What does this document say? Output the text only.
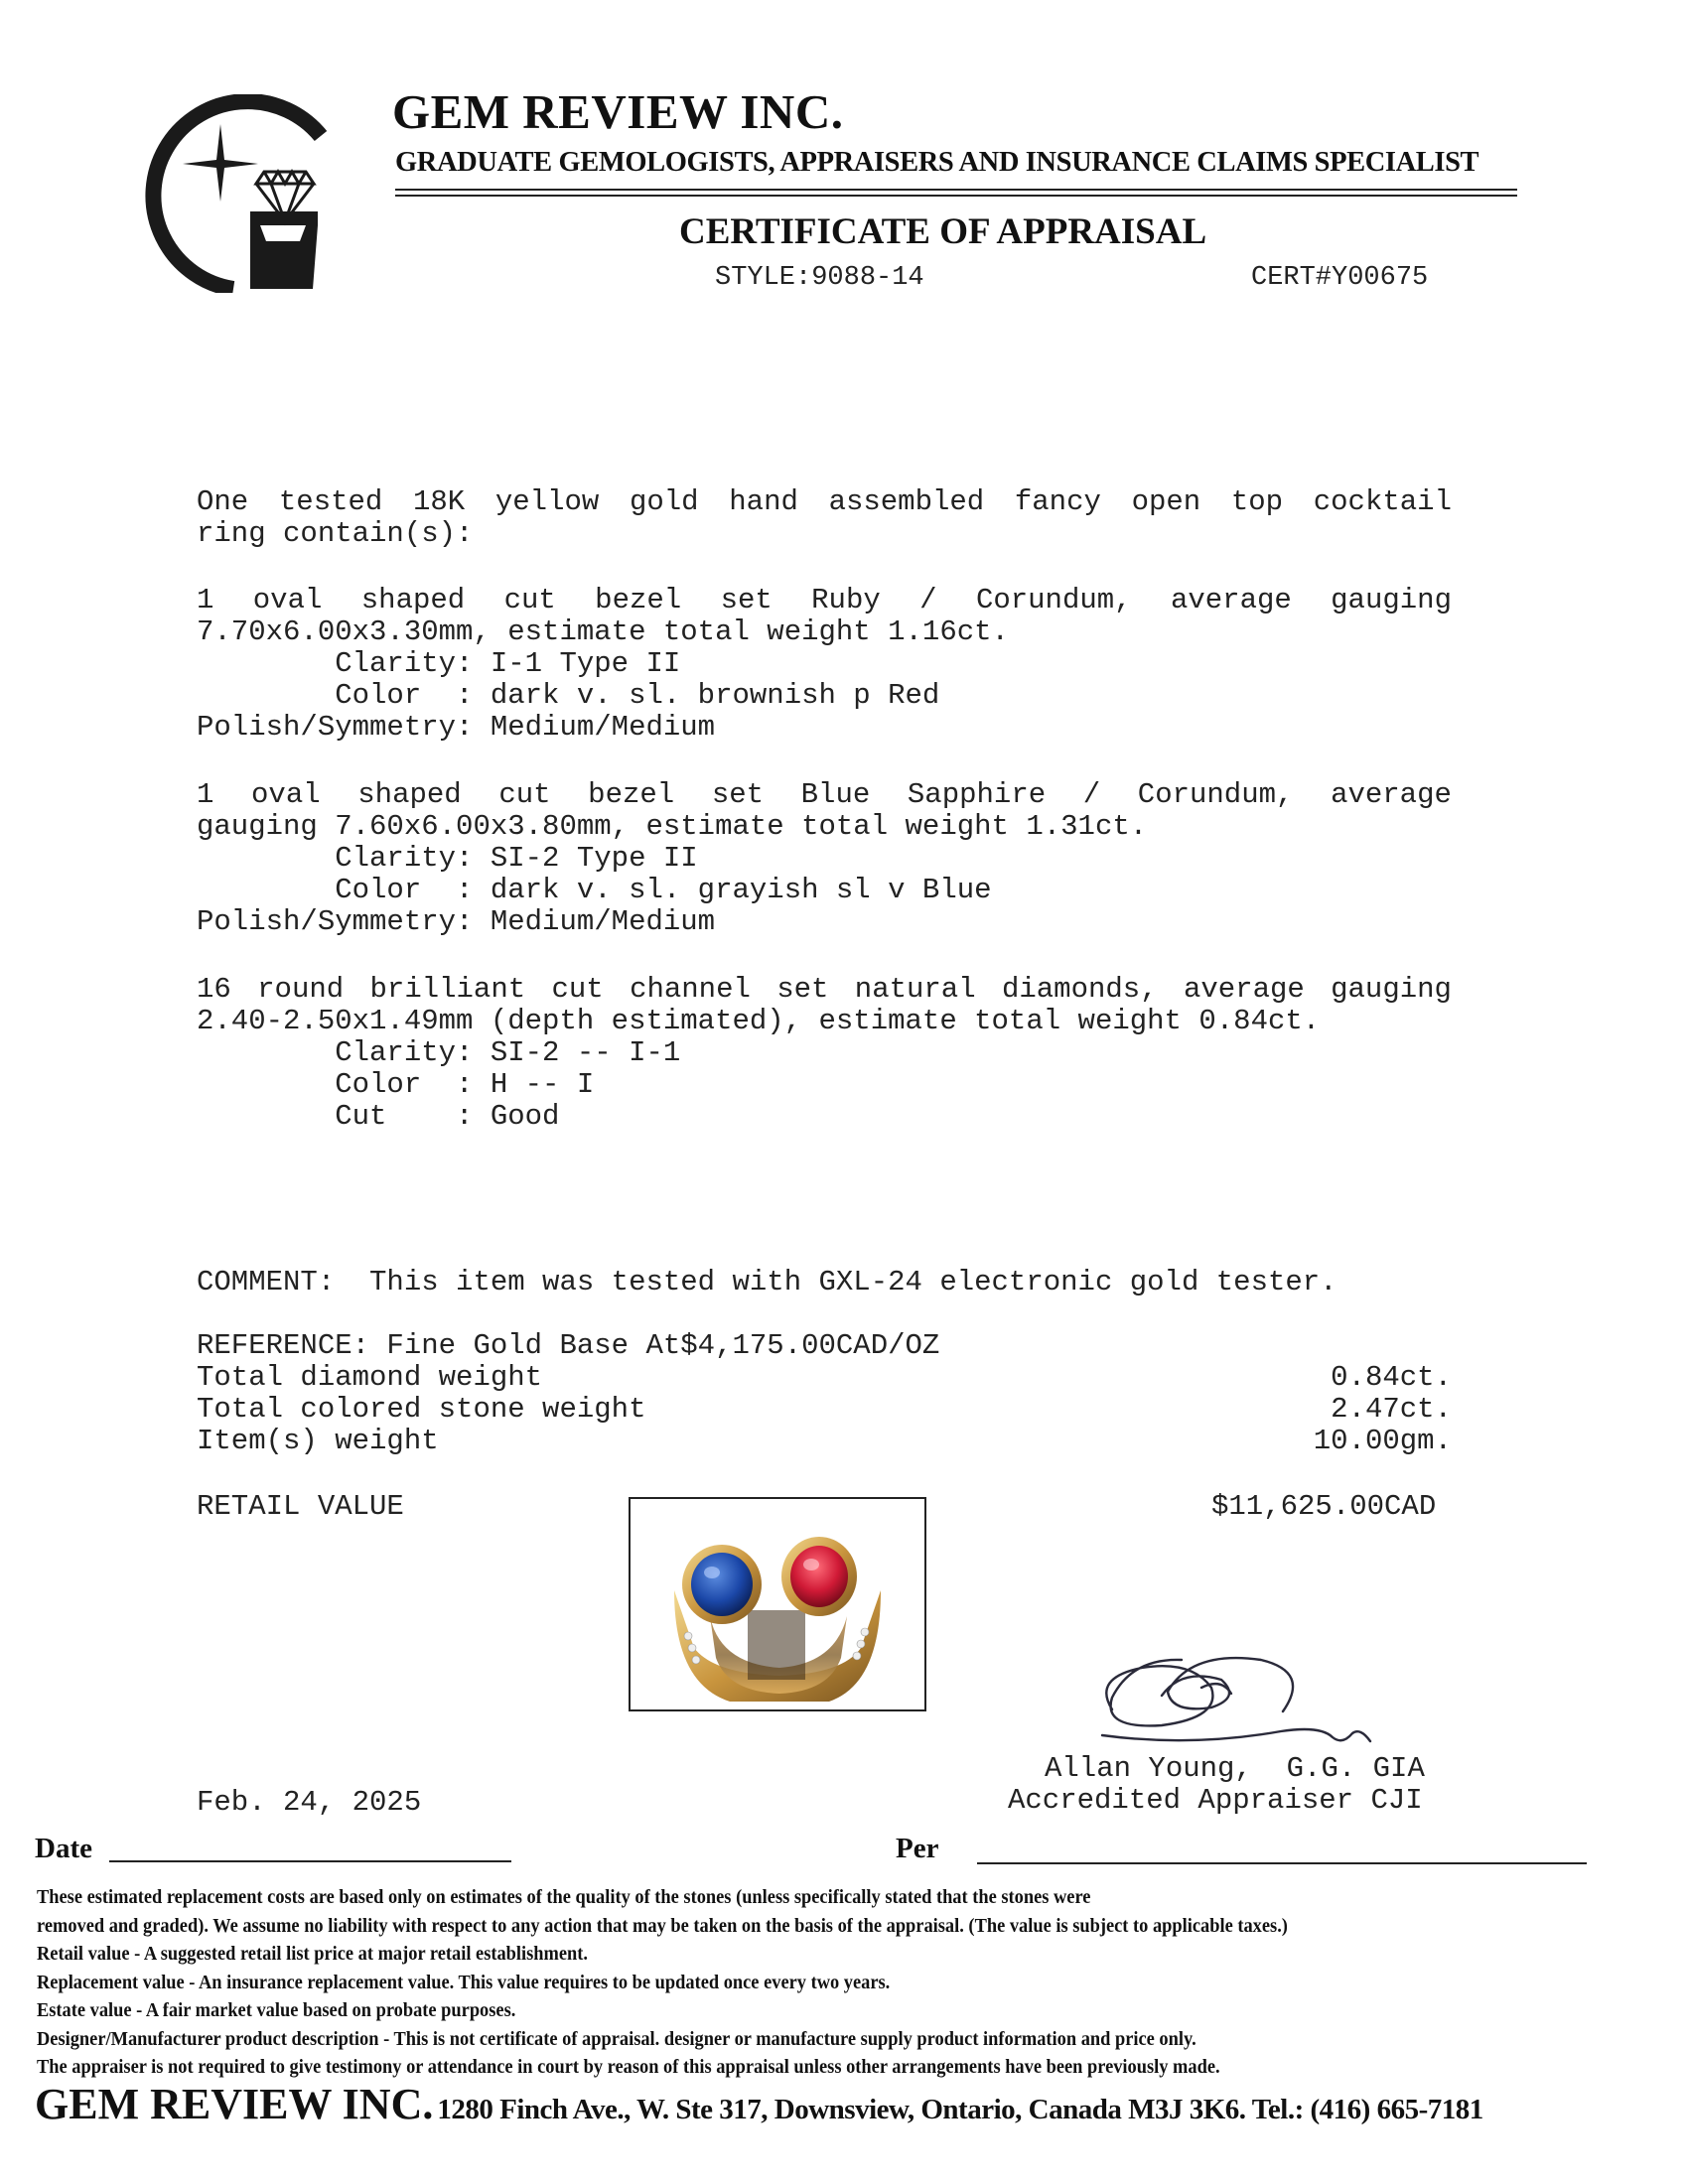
GEM REVIEW INC.
GRADUATE GEMOLOGISTS, APPRAISERS AND INSURANCE CLAIMS SPECIALIST
CERTIFICATE OF APPRAISAL
STYLE:9088-14	CERT#Y00675
One tested 18K yellow gold hand assembled fancy open top cocktail
ring contain(s):
1 oval shaped cut bezel set Ruby / Corundum, average gauging
7.70x6.00x3.30mm, estimate total weight 1.16ct.
Clarity: I-1 Type II
Color  : dark v. sl. brownish p Red
Polish/Symmetry: Medium/Medium
1 oval shaped cut bezel set Blue Sapphire / Corundum, average
gauging 7.60x6.00x3.80mm, estimate total weight 1.31ct.
Clarity: SI-2 Type II
Color  : dark v. sl. grayish sl v Blue
Polish/Symmetry: Medium/Medium
16 round brilliant cut channel set natural diamonds, average gauging
2.40-2.50x1.49mm (depth estimated), estimate total weight 0.84ct.
Clarity: SI-2 -- I-1
Color  : H -- I
Cut    : Good
COMMENT:  This item was tested with GXL-24 electronic gold tester.
REFERENCE: Fine Gold Base At$4,175.00CAD/OZ
Total diamond weight	0.84ct.
Total colored stone weight	2.47ct.
Item(s) weight	10.00gm.
RETAIL VALUE	$11,625.00CAD
Allan Young,  G.G. GIA
Accredited Appraiser CJI
Feb. 24, 2025
Date	Per
These estimated replacement costs are based only on estimates of the quality of the stones (unless specifically stated that the stones were
removed and graded). We assume no liability with respect to any action that may be taken on the basis of the appraisal. (The value is subject to applicable taxes.)
Retail value - A suggested retail list price at major retail establishment.
Replacement value - An insurance replacement value. This value requires to be updated once every two years.
Estate value - A fair market value based on probate purposes.
Designer/Manufacturer product description - This is not certificate of appraisal. designer or manufacture supply product information and price only.
The appraiser is not required to give testimony or attendance in court by reason of this appraisal unless other arrangements have been previously made.
GEM REVIEW INC. 1280 Finch Ave., W. Ste 317, Downsview, Ontario, Canada M3J 3K6. Tel.: (416) 665-7181
